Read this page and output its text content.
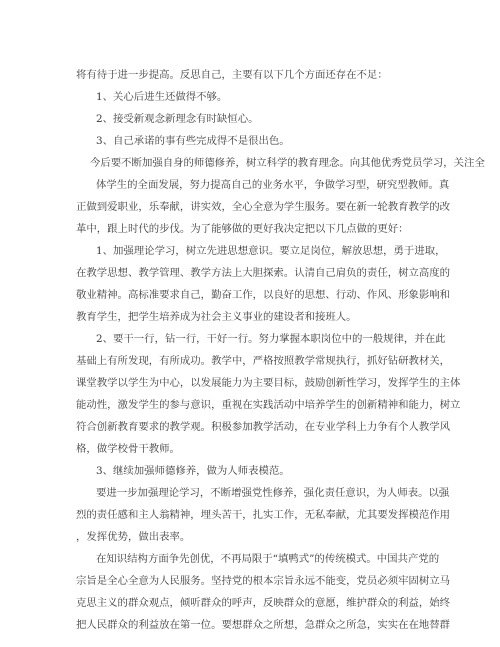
将有待于进一步提高。反思自己，主要有以下几个方面还存在不足：
1、关心后进生还做得不够。
2、接受新观念新理念有时缺恒心。
3、自己承诺的事有些完成得不是很出色。
今后要不断加强自身的师德修养，树立科学的教育理念。向其他优秀党员学习，关注全
体学生的全面发展，努力提高自己的业务水平，争做学习型，研究型教师。真
正做到爱职业，乐奉献，讲实效，全心全意为学生服务。要在新一轮教育教学的改
革中，跟上时代的步伐。为了能够做的更好我决定把以下几点做的更好：
1、加强理论学习，树立先进思想意识。要立足岗位，解放思想，勇于进取，
在教学思想、教学管理、教学方法上大胆探索。认清自己肩负的责任，树立高度的
敬业精神。高标准要求自己，勤奋工作，以良好的思想、行动、作风、形象影响和
教育学生，把学生培养成为社会主义事业的建设者和接班人。
2、要干一行，钻一行，干好一行。努力掌握本职岗位中的一般规律，并在此
基础上有所发现，有所成功。教学中，严格按照教学常规执行，抓好钻研教材关，
课堂教学以学生为中心，以发展能力为主要目标，鼓励创新性学习，发挥学生的主体
能动性，激发学生的参与意识，重视在实践活动中培养学生的创新精神和能力，树立
符合创新教育要求的教学观。积极参加教学活动，在专业学科上力争有个人教学风
格，做学校骨干教师。
3、继续加强师德修养，做为人师表模范。
要进一步加强理论学习，不断增强党性修养，强化责任意识，为人师表。以强
烈的责任感和主人翁精神，埋头苦干，扎实工作，无私奉献，尤其要发挥模范作用
，发挥优势，做出表率。
在知识结构方面争先创优，不再局限于“填鸭式”的传统模式。中国共产党的
宗旨是全心全意为人民服务。坚持党的根本宗旨永远不能变，党员必须牢固树立马
克思主义的群众观点，倾听群众的呼声，反映群众的意愿，维护群众的利益，始终
把人民群众的利益放在第一位。要想群众之所想，急群众之所急，实实在在地替群
